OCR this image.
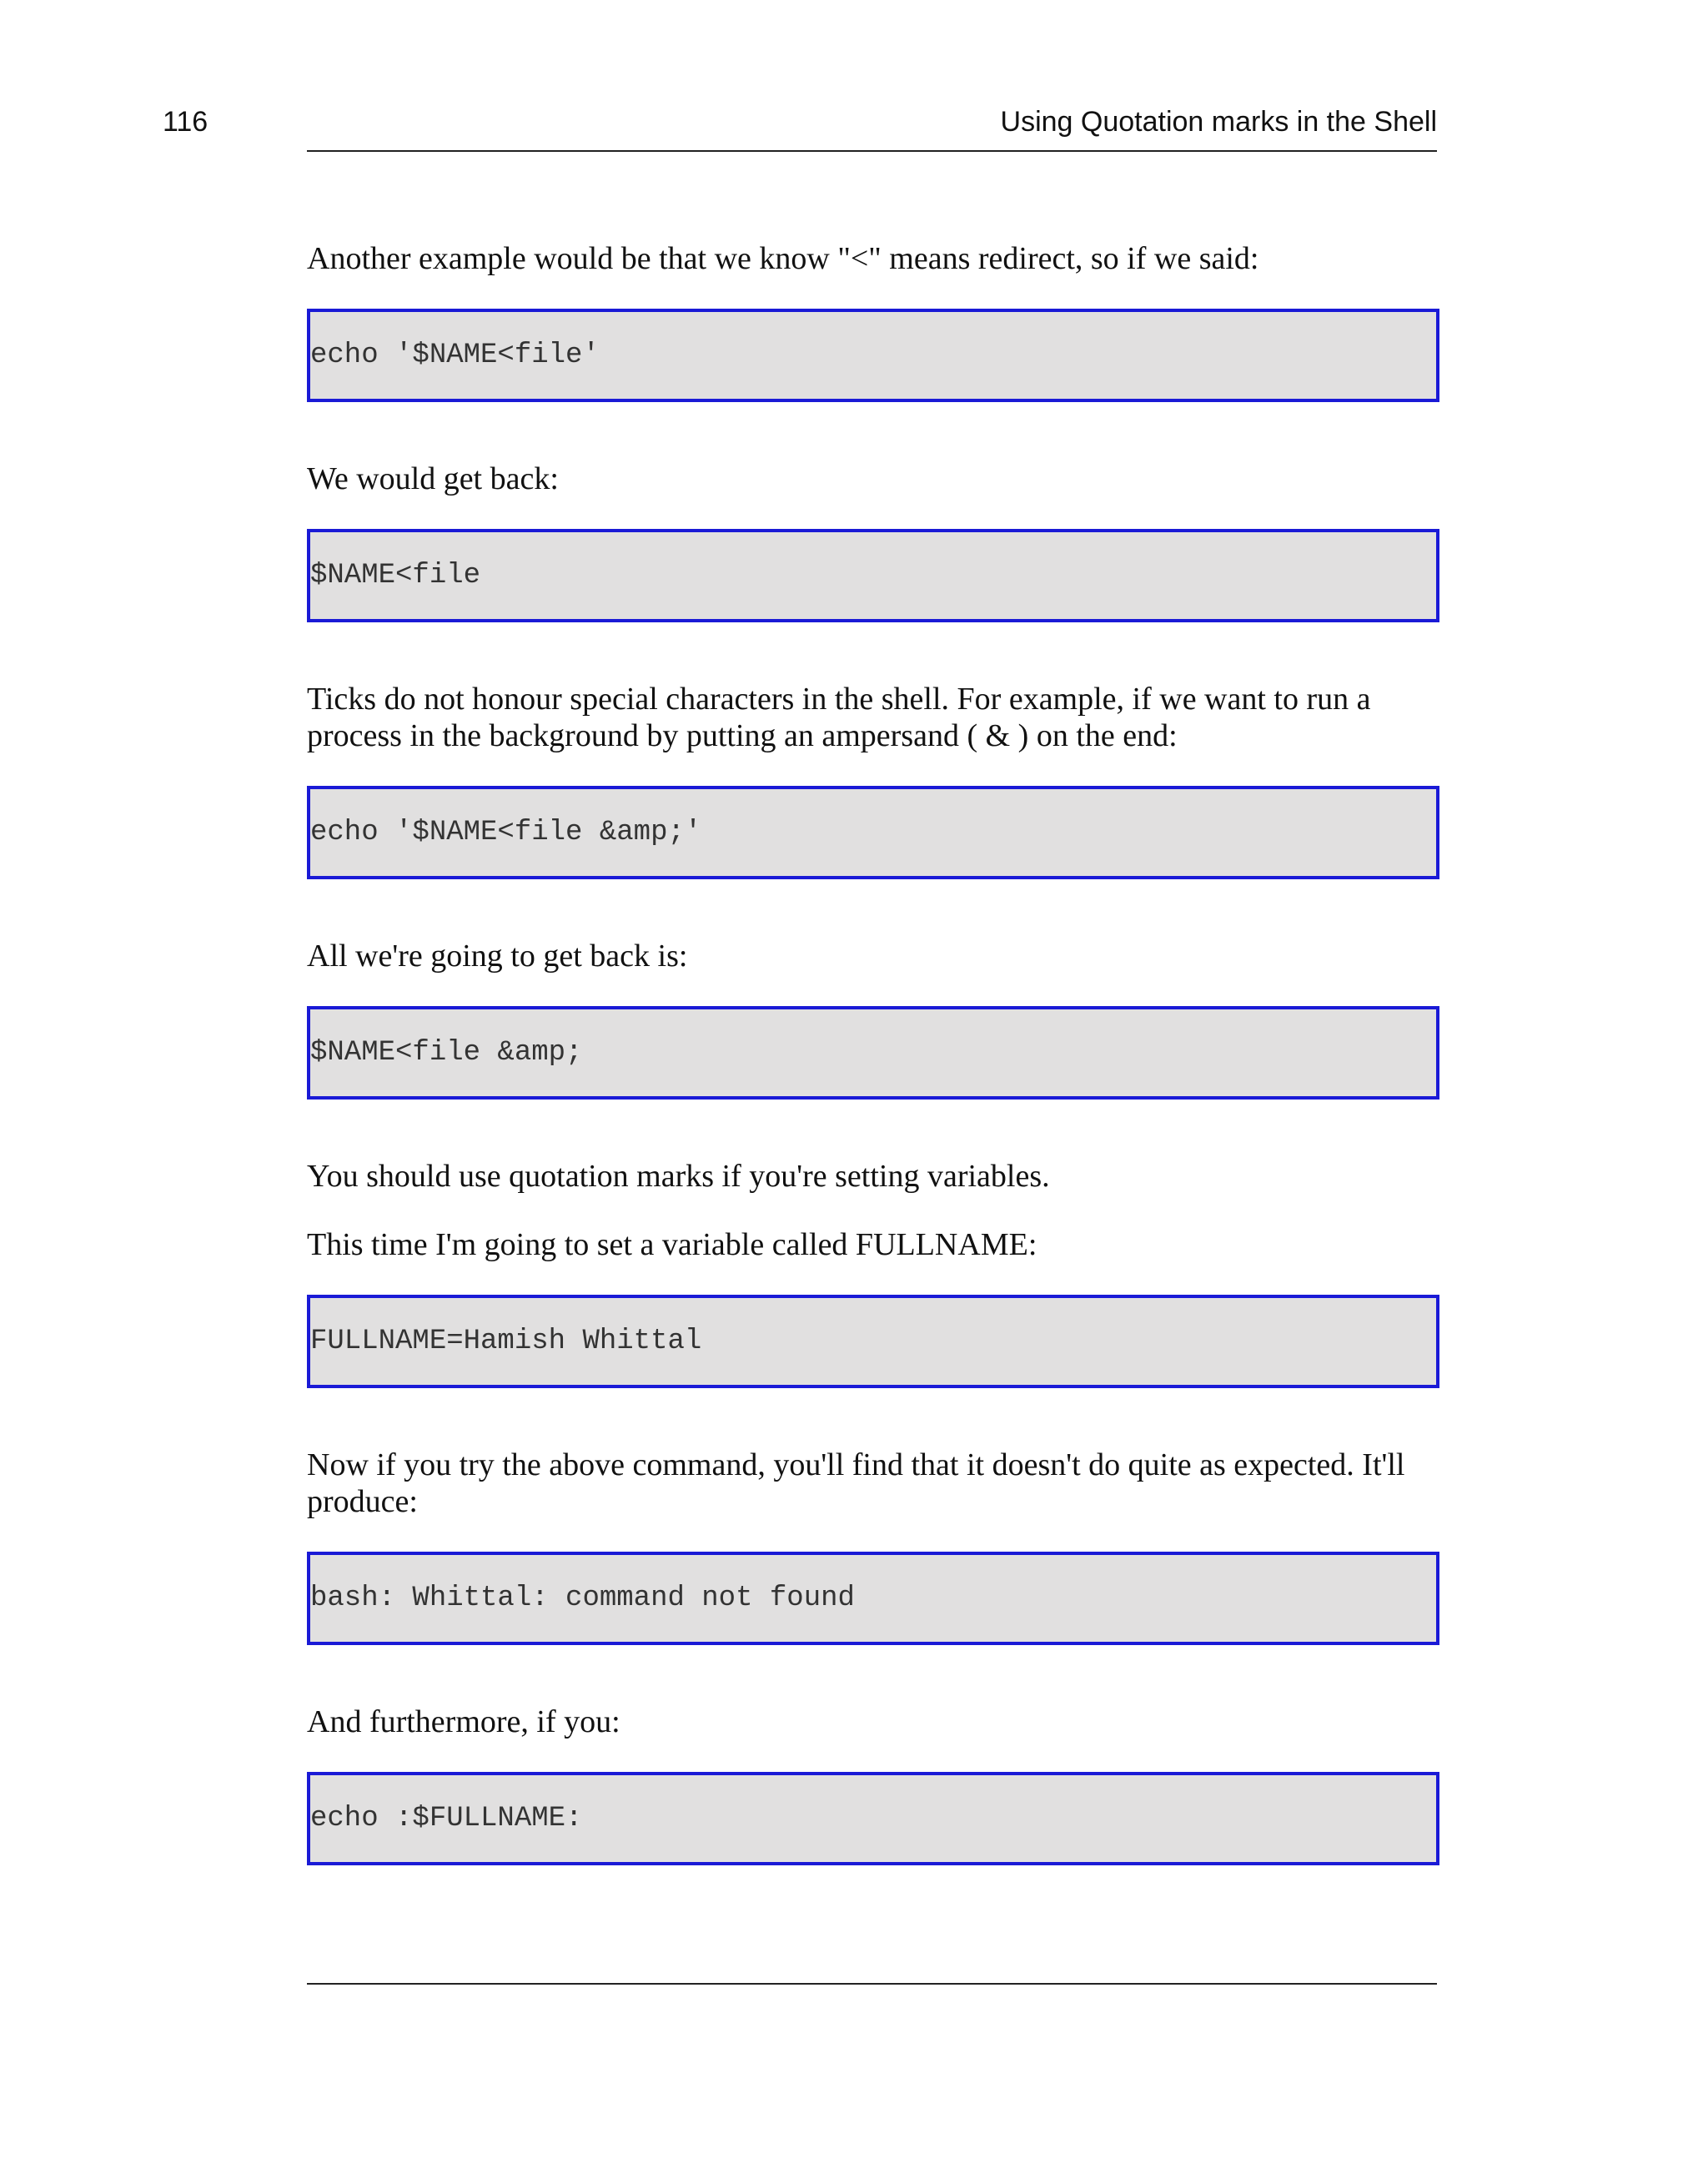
116	Using Quotation marks in the Shell

Another example would be that we know "<" means redirect, so if we said:

echo '$NAME<file'

We would get back:

$NAME<file

Ticks do not honour special characters in the shell. For example, if we want to run a process in the background by putting an ampersand ( & ) on the end:

echo '$NAME<file &amp;'

All we're going to get back is:

$NAME<file &amp;

You should use quotation marks if you're setting variables.

This time I'm going to set a variable called FULLNAME:

FULLNAME=Hamish Whittal

Now if you try the above command, you'll find that it doesn't do quite as expected. It'll produce:

bash: Whittal: command not found

And furthermore, if you:

echo :$FULLNAME:
